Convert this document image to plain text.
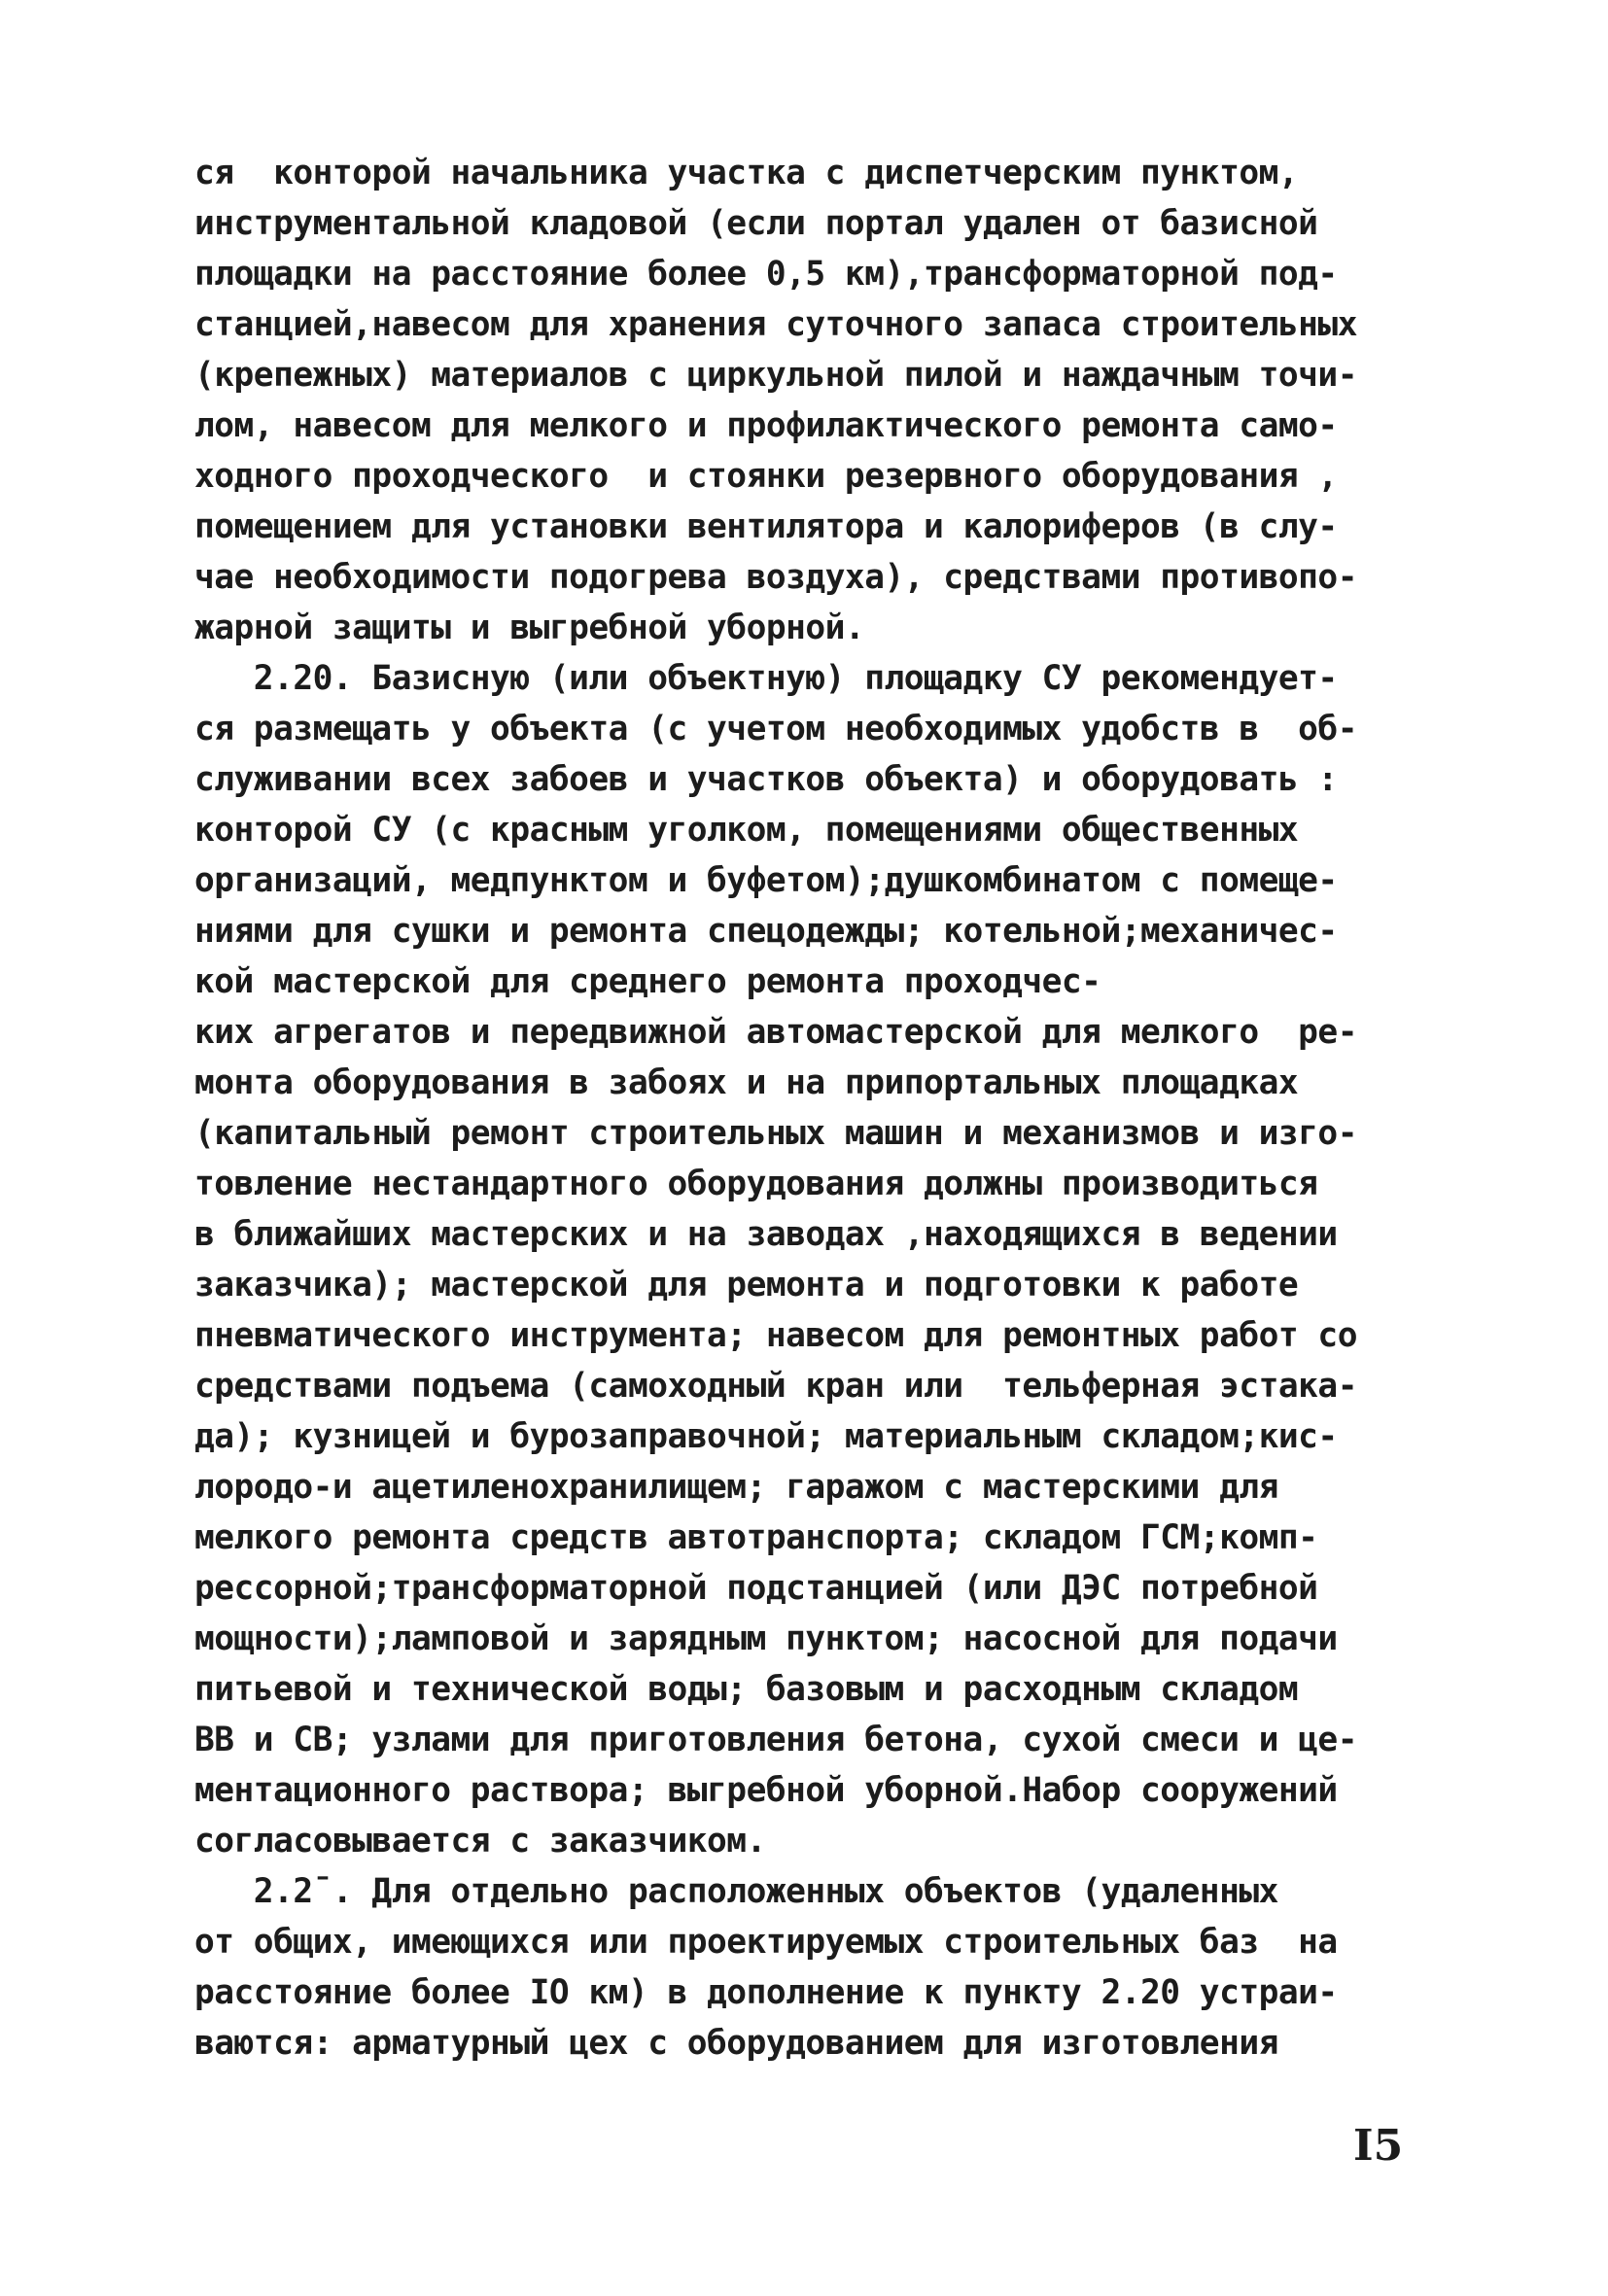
ся  конторой начальника участка с диспетчерским пунктом,
инструментальной кладовой (если портал удален от базисной
площадки на расстояние более 0,5 км),трансформаторной под-
станцией,навесом для хранения суточного запаса строительных
(крепежных) материалов с циркульной пилой и наждачным точи-
лом, навесом для мелкого и профилактического ремонта само-
ходного проходческого  и стоянки резервного оборудования ,
помещением для установки вентилятора и калориферов (в слу-
чае необходимости подогрева воздуха), средствами противопо-
жарной защиты и выгребной уборной.
2.20. Базисную (или объектную) площадку СУ рекомендует-
ся размещать у объекта (с учетом необходимых удобств в  об-
служивании всех забоев и участков объекта) и оборудовать :
конторой СУ (с красным уголком, помещениями общественных
организаций, медпунктом и буфетом);душкомбинатом с помеще-
ниями для сушки и ремонта спецодежды; котельной;механичес-
кой мастерской для среднего ремонта проходчес-
ких агрегатов и передвижной автомастерской для мелкого  ре-
монта оборудования в забоях и на припортальных площадках
(капитальный ремонт строительных машин и механизмов и изго-
товление нестандартного оборудования должны производиться
в ближайших мастерских и на заводах ,находящихся в ведении
заказчика); мастерской для ремонта и подготовки к работе
пневматического инструмента; навесом для ремонтных работ со
средствами подъема (самоходный кран или  тельферная эстака-
да); кузницей и бурозаправочной; материальным складом;кис-
лородо-и ацетиленохранилищем; гаражом с мастерскими для
мелкого ремонта средств автотранспорта; складом ГСМ;комп-
рессорной;трансформаторной подстанцией (или ДЭС потребной
мощности);ламповой и зарядным пунктом; насосной для подачи
питьевой и технической воды; базовым и расходным складом
ВВ и СВ; узлами для приготовления бетона, сухой смеси и це-
ментационного раствора; выгребной уборной.Набор сооружений
согласовывается с заказчиком.
2.2¯. Для отдельно расположенных объектов (удаленных
от общих, имеющихся или проектируемых строительных баз  на
расстояние более IO км) в дополнение к пункту 2.20 устраи-
ваются: арматурный цех с оборудованием для изготовления
I5
